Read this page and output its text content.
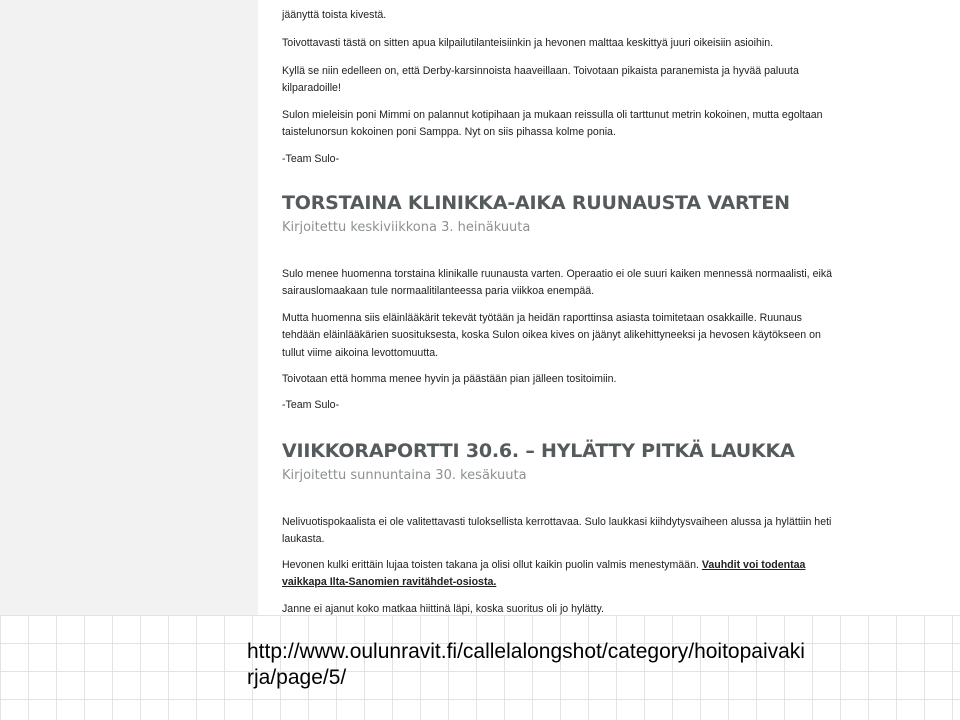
jäänyttä toista kivestä.

Toivottavasti tästä on sitten apua kilpailutilanteisiinkin ja hevonen malttaa keskittyä juuri oikeisiin asioihin.

Kyllä se niin edelleen on, että Derby-karsinnoista haaveillaan. Toivotaan pikaista paranemista ja hyvää paluuta kilparadoille!

Sulon mieleisin poni Mimmi on palannut kotipihaan ja mukaan reissulla oli tarttunut metrin kokoinen, mutta egoltaan taistelunorsun kokoinen poni Samppa. Nyt on siis pihassa kolme ponia.

-Team Sulo-

TORSTAINA KLINIKKA-AIKA RUUNAUSTA VARTEN
Kirjoitettu keskiviikkona 3. heinäkuuta

Sulo menee huomenna torstaina klinikalle ruunausta varten. Operaatio ei ole suuri kaiken mennessä normaalisti, eikä sairauslomaakaan tule normaalitilanteessa paria viikkoa enempää.

Mutta huomenna siis eläinlääkärit tekevät työtään ja heidän raporttinsa asiasta toimitetaan osakkaille. Ruunaus tehdään eläinlääkärien suosituksesta, koska Sulon oikea kives on jäänyt alikehittyneeksi ja hevosen käytökseen on tullut viime aikoina levottomuutta.

Toivotaan että homma menee hyvin ja päästään pian jälleen tositoimiin.

-Team Sulo-

VIIKKORAPORTTI 30.6. – HYLÄTTY PITKÄ LAUKKA
Kirjoitettu sunnuntaina 30. kesäkuuta

Nelivuotispokaalista ei ole valitettavasti tuloksellista kerrottavaa. Sulo laukkasi kiihdytysvaiheen alussa ja hylättiin heti laukasta.

Hevonen kulki erittäin lujaa toisten takana ja olisi ollut kaikin puolin valmis menestymään. Vauhdit voi todentaa vaikkapa Ilta-Sanomien ravitähdet-osiosta.

Janne ei ajanut koko matkaa hiittinä läpi, koska suoritus oli jo hylätty.

http://www.oulunravit.fi/callelalongshot/category/hoitopaivakirja/page/5/
